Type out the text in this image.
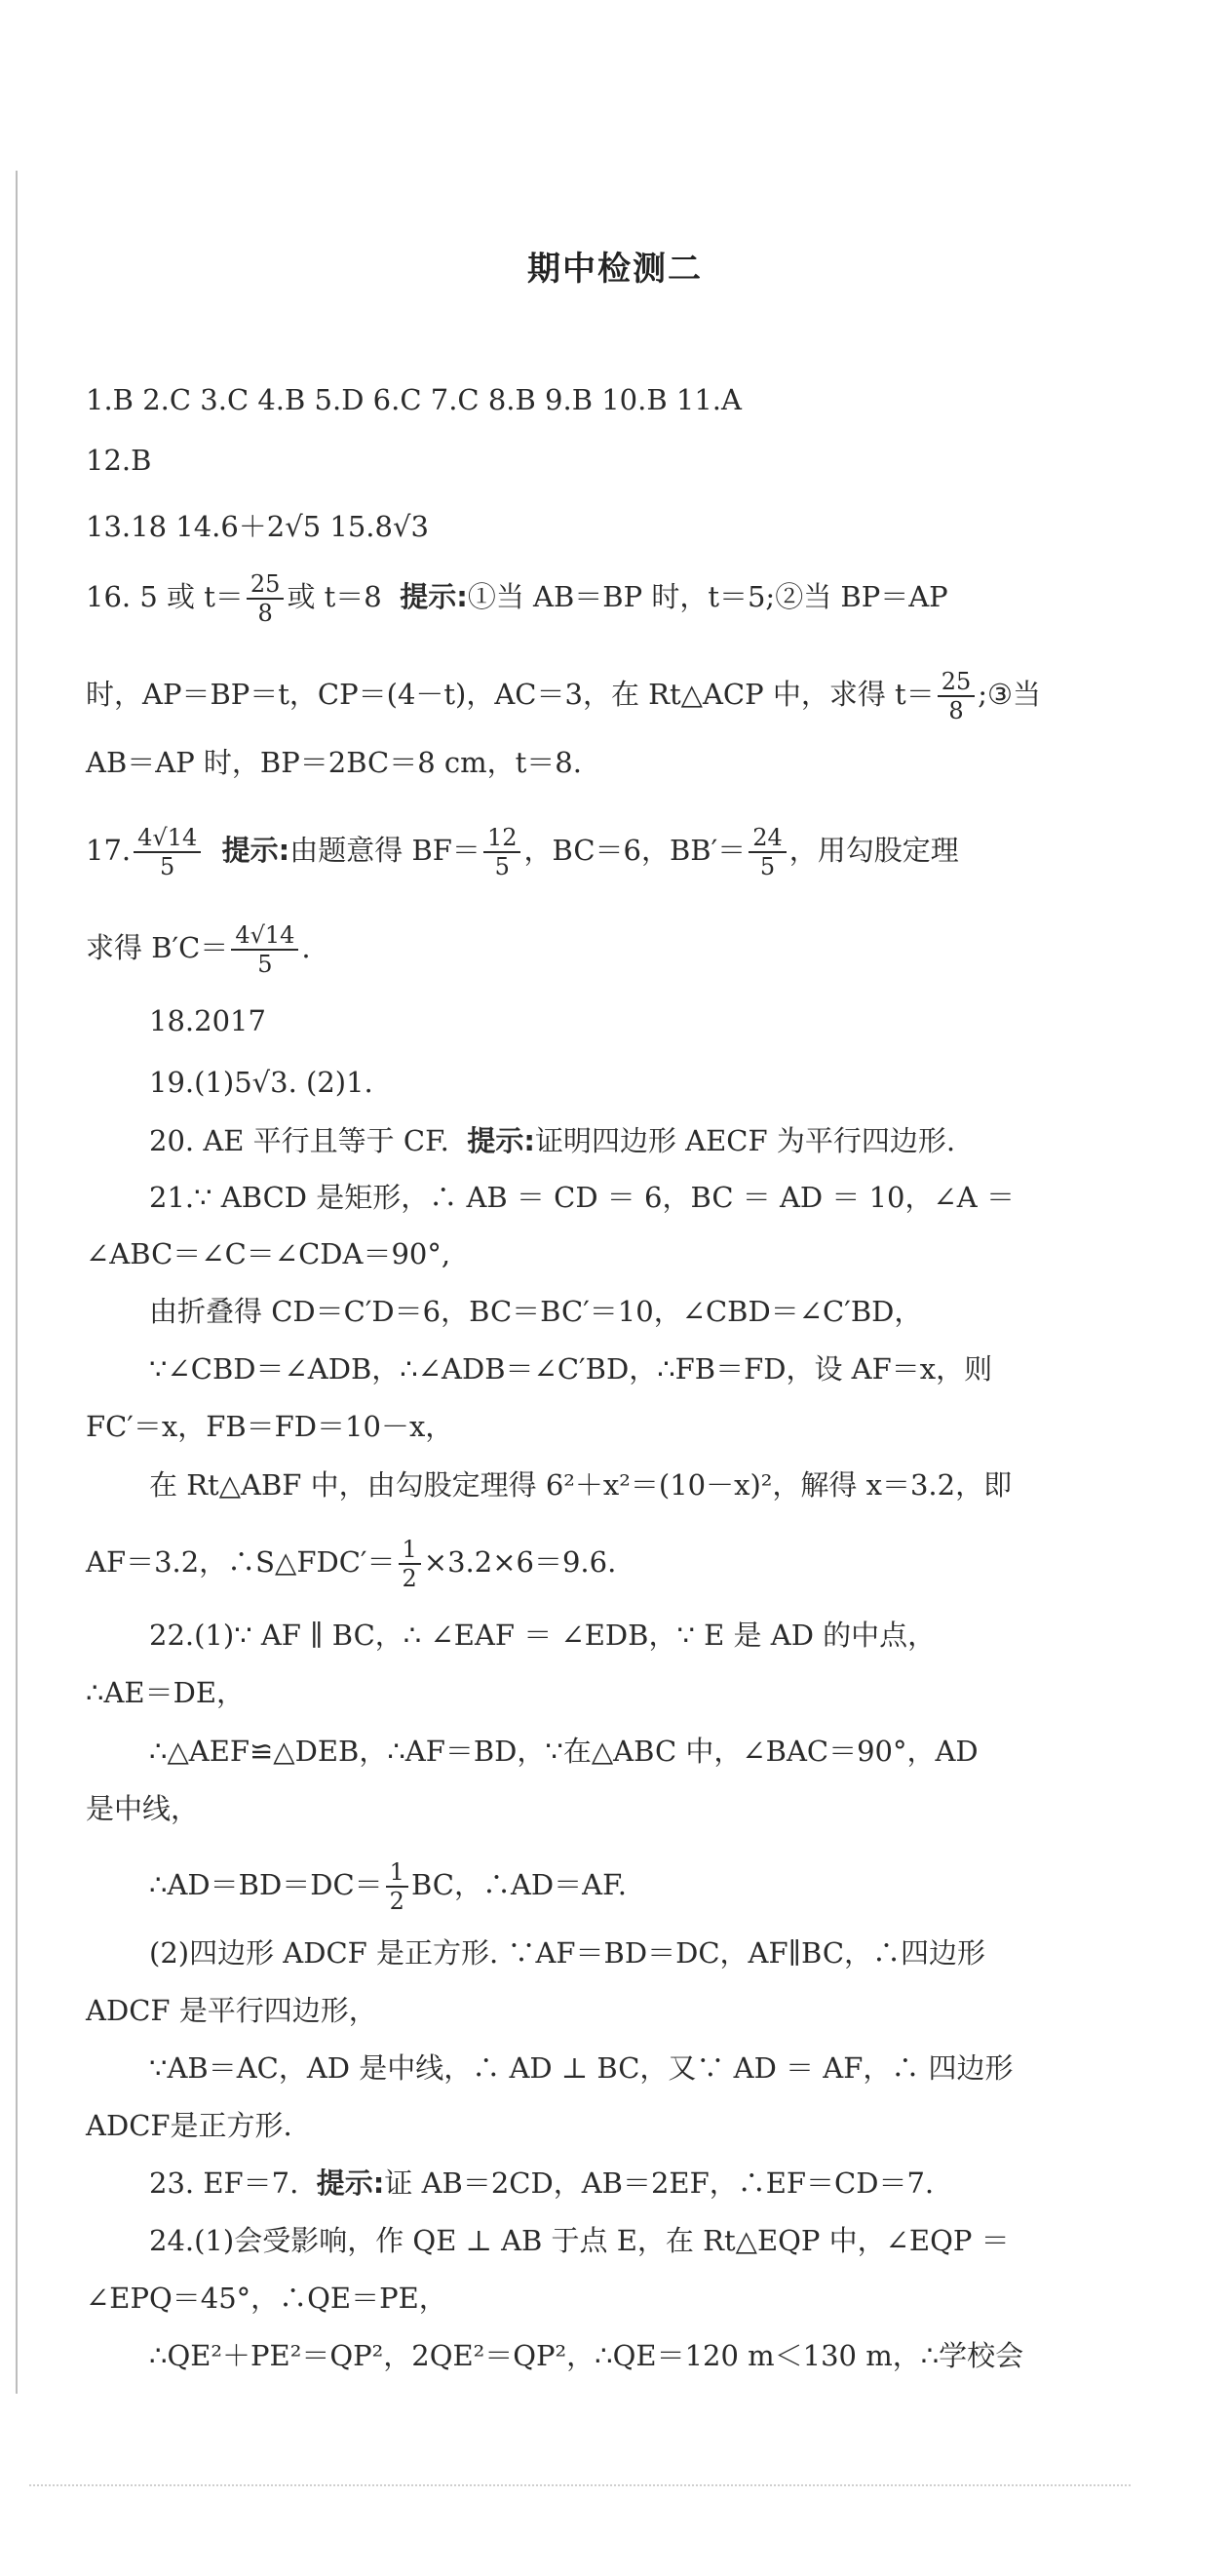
期中检测二
1.B 2.C 3.C 4.B 5.D 6.C 7.C 8.B 9.B 10.B 11.A
12.B
13.18 14.6＋2√5 15.8√3
16. 5 或 $t= \frac{25}{8}$ 或 t＝8 提示:①当 AB＝BP 时，t＝5;②当 BP＝AP
时，AP＝BP＝t，CP＝(4－t)，AC＝3，在 Rt△ACP 中，求得 $t= \frac{25}{8}$ ;③当
AB＝AP 时，BP＝2BC＝8 cm，t＝8.
17. $\frac{4√14}{5}$ 提示:由题意得 $BF= \frac{12}{5}$ ，BC＝6，$BB'= \frac{24}{5}$ ，用勾股定理
求得 $B'C= \frac{4√14}{5}$ .
18.2017
19.(1)5√3. (2)1.
20. AE 平行且等于 CF. 提示:证明四边形 AECF 为平行四边形.
21.∵ ABCD 是矩形，∴ AB ＝ CD ＝ 6，BC ＝ AD ＝ 10，∠A ＝
∠ABC＝∠C＝∠CDA＝90°,
由折叠得 CD＝C′D＝6，BC＝BC′＝10，∠CBD＝∠C′BD，
∵∠CBD＝∠ADB，∴∠ADB＝∠C′BD，∴FB＝FD，设 AF＝x，则
FC′＝x，FB＝FD＝10－x，
在 Rt△ABF 中，由勾股定理得 6²＋x²＝(10－x)²，解得 x＝3.2，即
AF＝3.2，∴S△FDC′＝ $\frac{1}{2} \times 3.2\times 6=9.6$.
22.(1)∵ AF ∥ BC，∴ ∠EAF ＝ ∠EDB，∵ E 是 AD 的中点，
∴AE＝DE，
∴△AEF≌△DEB，∴AF＝BD，∵在△ABC 中，∠BAC＝90°，AD
是中线，
∴AD＝BD＝DC＝ $\frac{1}{2}$ BC，∴AD＝AF.
(2)四边形 ADCF 是正方形. ∵AF＝BD＝DC，AF∥BC，∴四边形
ADCF 是平行四边形，
∵AB＝AC，AD 是中线，∴ AD ⊥ BC，又∵ AD ＝ AF，∴ 四边形
ADCF是正方形.
23. EF＝7. 提示:证 AB＝2CD，AB＝2EF，∴EF＝CD＝7.
24.(1)会受影响，作 QE ⊥ AB 于点 E，在 Rt△EQP 中，∠EQP ＝
∠EPQ＝45°，∴QE＝PE，
∴QE²＋PE²＝QP²，2QE²＝QP²，∴QE＝120 m＜130 m，∴学校会
